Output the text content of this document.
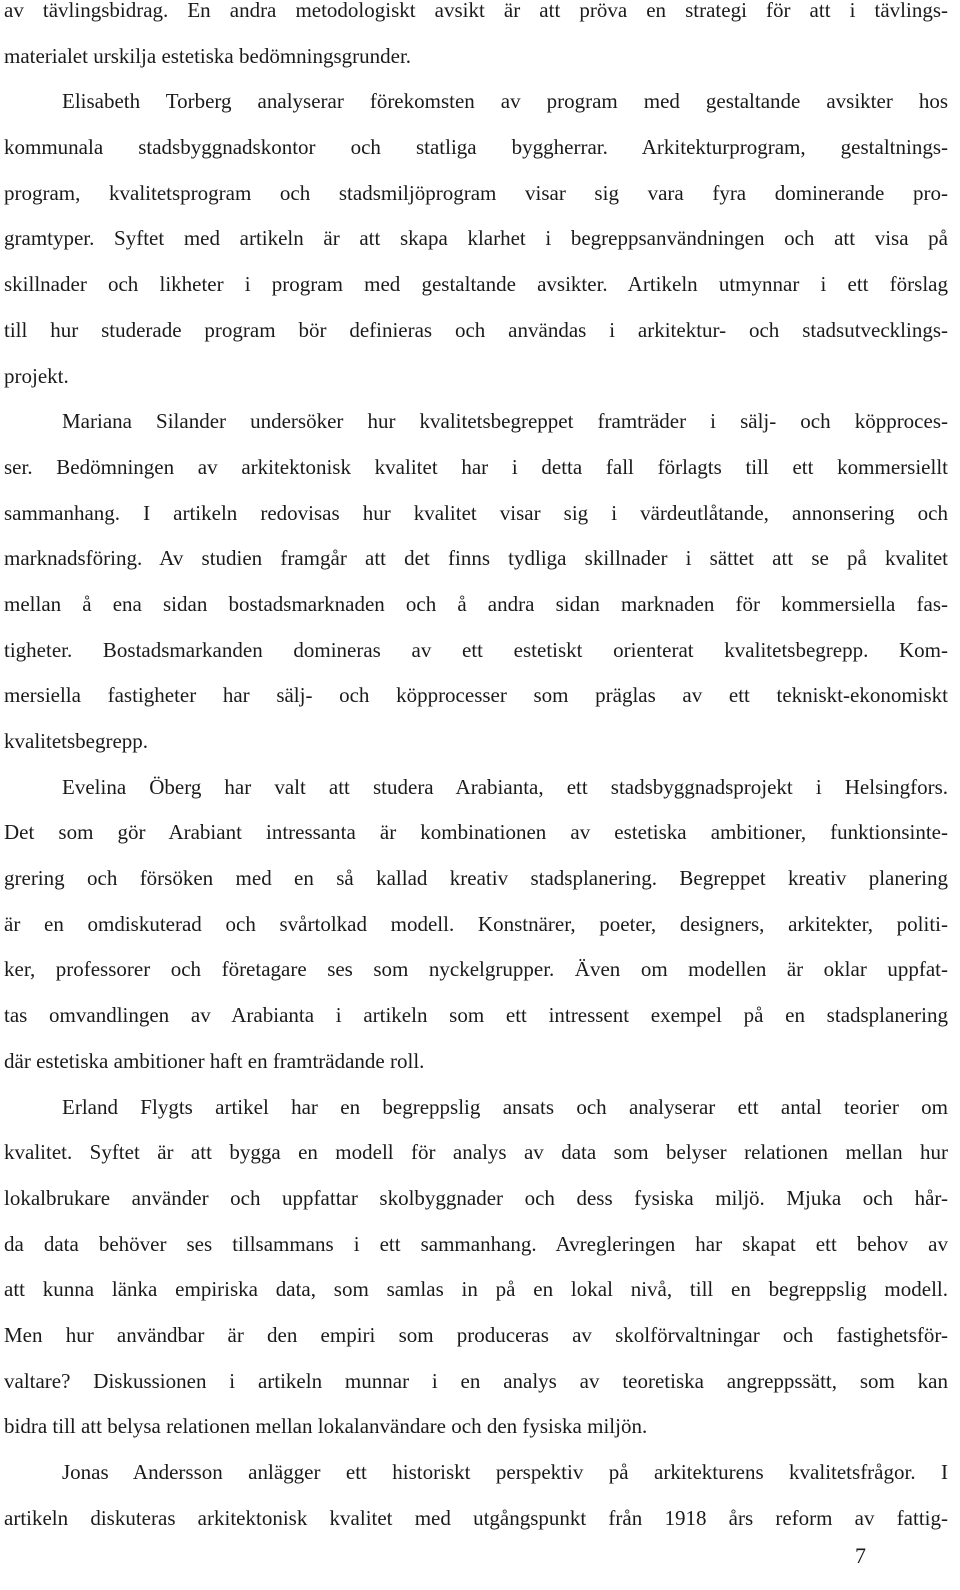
av tävlingsbidrag. En andra metodologiskt avsikt är att pröva en strategi för att i tävlings-
materialet urskilja estetiska bedömningsgrunder.
Elisabeth Torberg analyserar förekomsten av program med gestaltande avsikter hos
kommunala stadsbyggnadskontor och statliga byggherrar. Arkitekturprogram, gestaltnings-
program, kvalitetsprogram och stadsmiljöprogram visar sig vara fyra dominerande pro-
gramtyper. Syftet med artikeln är att skapa klarhet i begreppsanvändningen och att visa på
skillnader och likheter i program med gestaltande avsikter. Artikeln utmynnar i ett förslag
till hur studerade program bör definieras och användas i arkitektur- och stadsutvecklings-
projekt.
Mariana Silander undersöker hur kvalitetsbegreppet framträder i sälj- och köpproces-
ser. Bedömningen av arkitektonisk kvalitet har i detta fall förlagts till ett kommersiellt
sammanhang. I artikeln redovisas hur kvalitet visar sig i värdeutlåtande, annonsering och
marknadsföring. Av studien framgår att det finns tydliga skillnader i sättet att se på kvalitet
mellan å ena sidan bostadsmarknaden och å andra sidan marknaden för kommersiella fas-
tigheter. Bostadsmarkanden domineras av ett estetiskt orienterat kvalitetsbegrepp. Kom-
mersiella fastigheter har sälj- och köpprocesser som präglas av ett tekniskt-ekonomiskt
kvalitetsbegrepp.
Evelina Öberg har valt att studera Arabianta, ett stadsbyggnadsprojekt i Helsingfors.
Det som gör Arabiant intressanta är kombinationen av estetiska ambitioner, funktionsinte-
grering och försöken med en så kallad kreativ stadsplanering. Begreppet kreativ planering
är en omdiskuterad och svårtolkad modell. Konstnärer, poeter, designers, arkitekter, politi-
ker, professorer och företagare ses som nyckelgrupper. Även om modellen är oklar uppfat-
tas omvandlingen av Arabianta i artikeln som ett intressent exempel på en stadsplanering
där estetiska ambitioner haft en framträdande roll.
Erland Flygts artikel har en begreppslig ansats och analyserar ett antal teorier om
kvalitet. Syftet är att bygga en modell för analys av data som belyser relationen mellan hur
lokalbrukare använder och uppfattar skolbyggnader och dess fysiska miljö. Mjuka och hår-
da data behöver ses tillsammans i ett sammanhang. Avregleringen har skapat ett behov av
att kunna länka empiriska data, som samlas in på en lokal nivå, till en begreppslig modell.
Men hur användbar är den empiri som produceras av skolförvaltningar och fastighetsför-
valtare? Diskussionen i artikeln munnar i en analys av teoretiska angreppssätt, som kan
bidra till att belysa relationen mellan lokalanvändare och den fysiska miljön.
Jonas Andersson anlägger ett historiskt perspektiv på arkitekturens kvalitetsfrågor. I
artikeln diskuteras arkitektonisk kvalitet med utgångspunkt från 1918 års reform av fattig-
7
